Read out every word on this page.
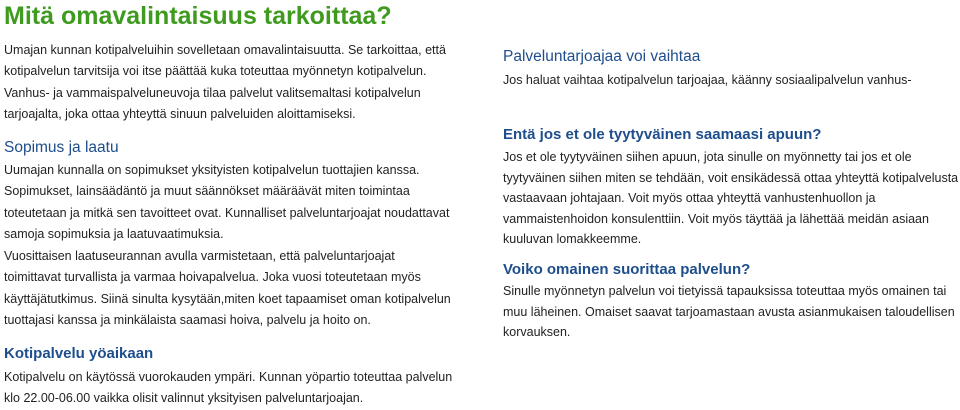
Mitä omavalintaisuus tarkoittaa?

Umajan kunnan kotipalveluihin sovelletaan omavalintaisuutta. Se tarkoittaa, että kotipalvelun tarvitsija voi itse päättää kuka toteuttaa myönnetyn kotipalvelun. Vanhus- ja vammaispalveluneuvoja tilaa palvelut valitsemaltasi kotipalvelun tarjoajalta, joka ottaa yhteyttä sinuun palveluiden aloittamiseksi.

Sopimus ja laatu

Uumajan kunnalla on sopimukset yksityisten kotipalvelun tuottajien kanssa. Sopimukset, lainsäädäntö ja muut säännökset määräävät miten toimintaa toteutetaan ja mitkä sen tavoitteet ovat. Kunnalliset palveluntarjoajat noudattavat samoja sopimuksia ja laatuvaatimuksia.

Vuosittaisen laatuseurannan avulla varmistetaan, että palveluntarjoajat toimittavat turvallista ja varmaa hoivapalvelua. Joka vuosi toteutetaan myös käyttäjätutkimus. Siinä sinulta kysytään,miten koet tapaamiset oman kotipalvelun tuottajasi kanssa ja minkälaista saamasi hoiva, palvelu ja hoito on.

Kotipalvelu yöaikaan

Kotipalvelu on käytössä vuorokauden ympäri. Kunnan yöpartio toteuttaa palvelun klo 22.00-06.00 vaikka olisit valinnut yksityisen palveluntarjoajan.

Palveluntarjoajaa voi vaihtaa

Jos haluat vaihtaa kotipalvelun tarjoajaa, käänny sosiaalipalvelun vanhus-

Entä jos et ole tyytyväinen saamaasi apuun?

Jos et ole tyytyväinen siihen apuun, jota sinulle on myönnetty tai jos et ole tyytyväinen siihen miten se tehdään, voit ensikädessä ottaa yhteyttä kotipalvelusta vastaavaan johtajaan. Voit myös ottaa yhteyttä vanhustenhuollon ja vammaistenhoidon konsulenttiin. Voit myös täyttää ja lähettää meidän asiaan kuuluvan lomakkeemme.

Voiko omainen suorittaa palvelun?

Sinulle myönnetyn palvelun voi tietyissä tapauksissa toteuttaa myös omainen tai muu läheinen. Omaiset saavat tarjoamastaan avusta asianmukaisen taloudellisen korvauksen.
